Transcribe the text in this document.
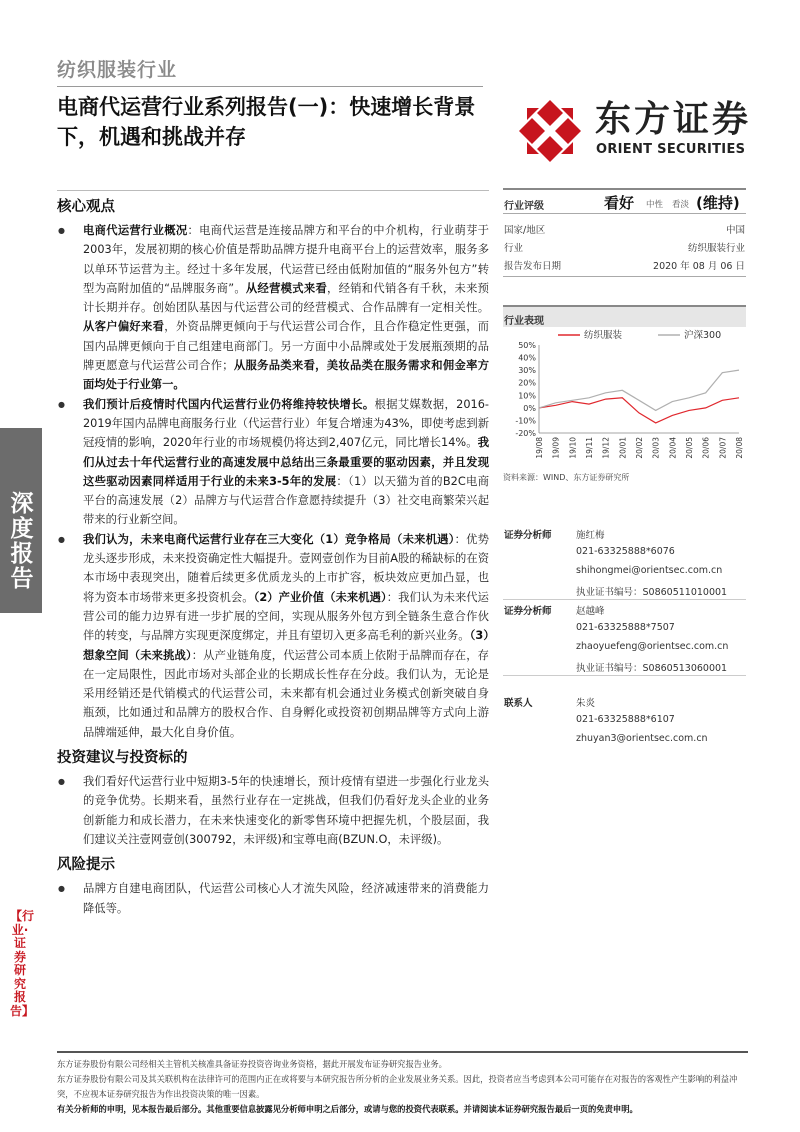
纺织服装行业
电商代运营行业系列报告(一)：快速增长背景下，机遇和挑战并存	东方证券
ORIENT SECURITIES
核心观点
● 电商代运营行业概况：电商代运营是连接品牌方和平台的中介机构，行业萌芽于2003年，发展初期的核心价值是帮助品牌方提升电商平台上的运营效率，服务多以单环节运营为主。经过十多年发展，代运营已经由低附加值的“服务外包方”转型为高附加值的“品牌服务商”。从经营模式来看，经销和代销各有千秋，未来预计长期并存。创始团队基因与代运营公司的经营模式、合作品牌有一定相关性。从客户偏好来看，外资品牌更倾向于与代运营公司合作，且合作稳定性更强，而国内品牌更倾向于自己组建电商部门。另一方面中小品牌或处于发展瓶颈期的品牌更愿意与代运营公司合作；从服务品类来看，美妆品类在服务需求和佣金率方面均处于行业第一。
● 我们预计后疫情时代国内代运营行业仍将维持较快增长。根据艾媒数据，2016-2019年国内品牌电商服务行业（代运营行业）年复合增速为43%，即使考虑到新冠疫情的影响，2020年行业的市场规模仍将达到2,407亿元，同比增长14%。我们从过去十年代运营行业的高速发展中总结出三条最重要的驱动因素，并且发现这些驱动因素同样适用于行业的未来3-5年的发展：（1）以天猫为首的B2C电商平台的高速发展（2）品牌方与代运营合作意愿持续提升（3）社交电商繁荣兴起带来的行业新空间。
● 我们认为，未来电商代运营行业存在三大变化（1）竞争格局（未来机遇）：优势龙头逐步形成，未来投资确定性大幅提升。壹网壹创作为目前A股的稀缺标的在资本市场中表现突出，随着后续更多优质龙头的上市扩容，板块效应更加凸显，也将为资本市场带来更多投资机会。（2）产业价值（未来机遇）：我们认为未来代运营公司的能力边界有进一步扩展的空间，实现从服务外包方到全链条生意合作伙伴的转变，与品牌方实现更深度绑定，并且有望切入更多高毛利的新兴业务。（3）想象空间（未来挑战）：从产业链角度，代运营公司本质上依附于品牌而存在，存在一定局限性，因此市场对头部企业的长期成长性存在分歧。我们认为，无论是采用经销还是代销模式的代运营公司，未来都有机会通过业务模式创新突破自身瓶颈，比如通过和品牌方的股权合作、自身孵化或投资初创期品牌等方式向上游品牌端延伸，最大化自身价值。
投资建议与投资标的
● 我们看好代运营行业中短期3-5年的快速增长，预计疫情有望进一步强化行业龙头的竞争优势。长期来看，虽然行业存在一定挑战，但我们仍看好龙头企业的业务创新能力和成长潜力，在未来快速变化的新零售环境中把握先机，个股层面，我们建议关注壹网壹创(300792，未评级)和宝尊电商(BZUN.O，未评级)。
风险提示
● 品牌方自建电商团队，代运营公司核心人才流失风险，经济减速带来的消费能力降低等。
行业评级	看好 中性 看淡 (维持)
国家/地区	中国
行业	纺织服装行业
报告发布日期	2020 年 08 月 06 日
行业表现
50%
40%
30%
20%
10%
0%
-10%
-20%
19/08 19/09 19/10 19/11 19/12 20/01 20/02 20/03 20/04 20/05 20/06 20/07 20/08
纺织服装	沪深300
资料来源：WIND、东方证券研究所
证券分析师	施红梅
021-63325888*6076
shihongmei@orientsec.com.cn
执业证书编号：S0860511010001
证券分析师	赵越峰
021-63325888*7507
zhaoyuefeng@orientsec.com.cn
执业证书编号：S0860513060001
联系人	朱炎
021-63325888*6107
zhuyan3@orientsec.com.cn
深度报告
【行业·证券研究报告】
东方证券股份有限公司经相关主管机关核准具备证券投资咨询业务资格，据此开展发布证券研究报告业务。
东方证券股份有限公司及其关联机构在法律许可的范围内正在或将要与本研究报告所分析的企业发展业务关系。因此，投资者应当考虑到本公司可能存在对报告的客观性产生影响的利益冲突，不应视本证券研究报告为作出投资决策的唯一因素。
有关分析师的申明，见本报告最后部分。其他重要信息披露见分析师申明之后部分，或请与您的投资代表联系。并请阅读本证券研究报告最后一页的免责申明。
